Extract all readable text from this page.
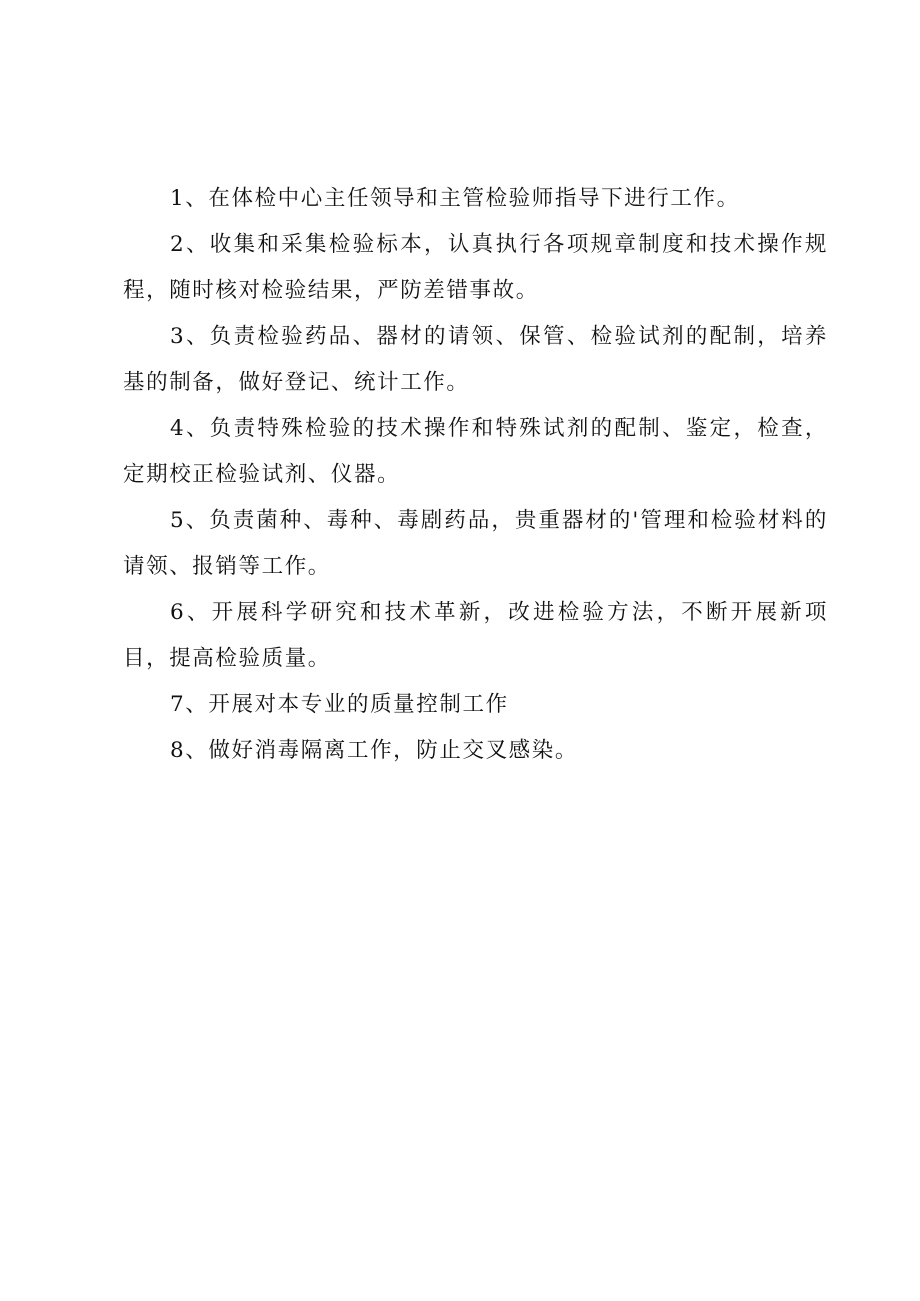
1、在体检中心主任领导和主管检验师指导下进行工作。

2、收集和采集检验标本，认真执行各项规章制度和技术操作规程，随时核对检验结果，严防差错事故。

3、负责检验药品、器材的请领、保管、检验试剂的配制，培养基的制备，做好登记、统计工作。

4、负责特殊检验的技术操作和特殊试剂的配制、鉴定，检查，定期校正检验试剂、仪器。

5、负责菌种、毒种、毒剧药品，贵重器材的'管理和检验材料的请领、报销等工作。

6、开展科学研究和技术革新，改进检验方法，不断开展新项目，提高检验质量。

7、开展对本专业的质量控制工作

8、做好消毒隔离工作，防止交叉感染。
